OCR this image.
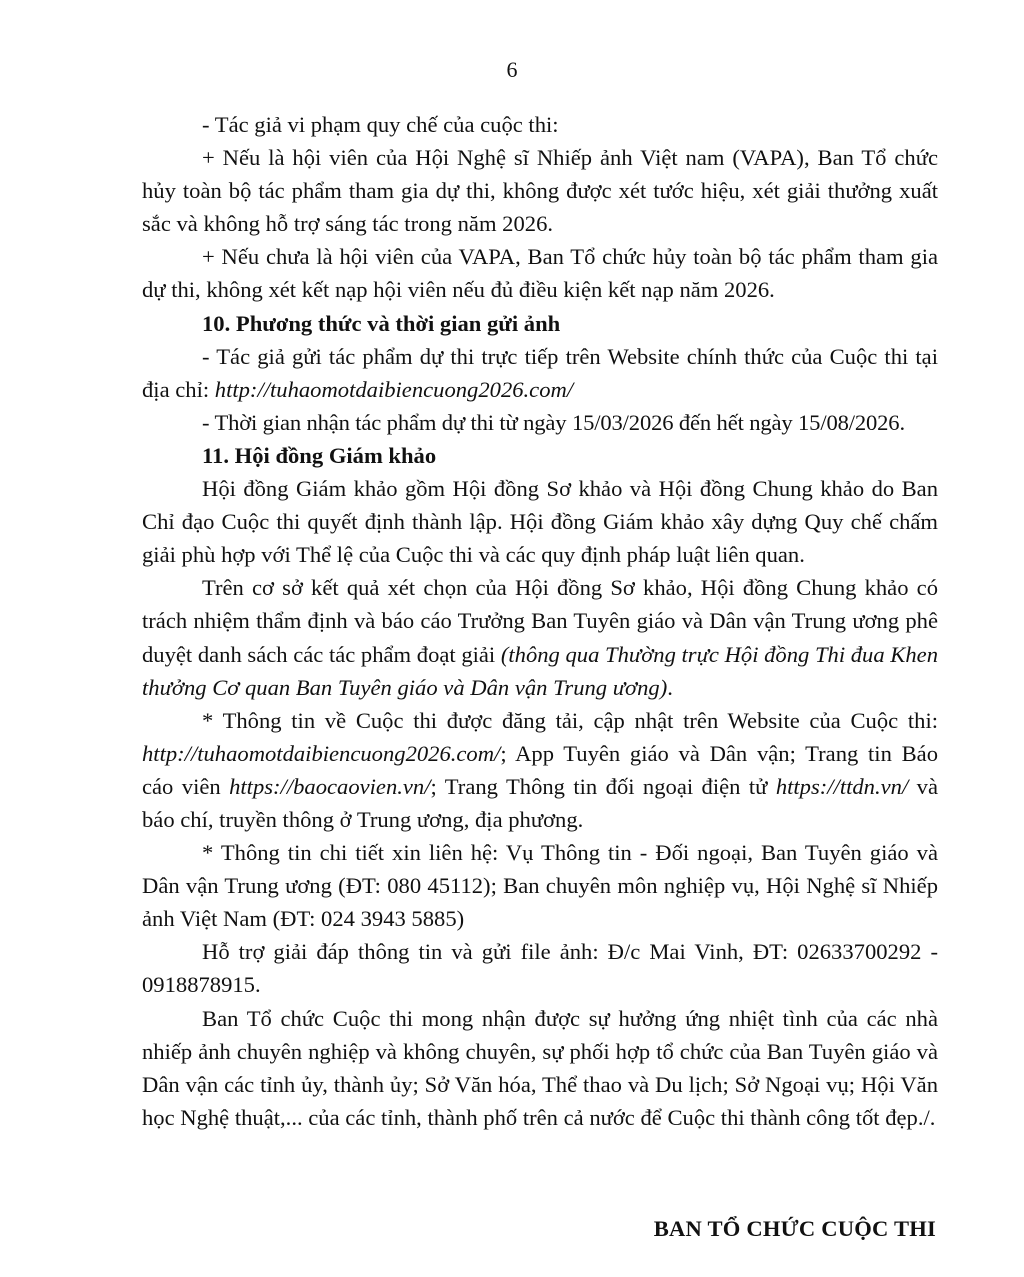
6

- Tác giả vi phạm quy chế của cuộc thi:

+ Nếu là hội viên của Hội Nghệ sĩ Nhiếp ảnh Việt nam (VAPA), Ban Tổ chức hủy toàn bộ tác phẩm tham gia dự thi, không được xét tước hiệu, xét giải thưởng xuất sắc và không hỗ trợ sáng tác trong năm 2026.

+ Nếu chưa là hội viên của VAPA, Ban Tổ chức hủy toàn bộ tác phẩm tham gia dự thi, không xét kết nạp hội viên nếu đủ điều kiện kết nạp năm 2026.

10. Phương thức và thời gian gửi ảnh

- Tác giả gửi tác phẩm dự thi trực tiếp trên Website chính thức của Cuộc thi tại địa chỉ: http://tuhaomotdaibiencuong2026.com/

- Thời gian nhận tác phẩm dự thi từ ngày 15/03/2026 đến hết ngày 15/08/2026.

11. Hội đồng Giám khảo

Hội đồng Giám khảo gồm Hội đồng Sơ khảo và Hội đồng Chung khảo do Ban Chỉ đạo Cuộc thi quyết định thành lập. Hội đồng Giám khảo xây dựng Quy chế chấm giải phù hợp với Thể lệ của Cuộc thi và các quy định pháp luật liên quan.

Trên cơ sở kết quả xét chọn của Hội đồng Sơ khảo, Hội đồng Chung khảo có trách nhiệm thẩm định và báo cáo Trưởng Ban Tuyên giáo và Dân vận Trung ương phê duyệt danh sách các tác phẩm đoạt giải (thông qua Thường trực Hội đồng Thi đua Khen thưởng Cơ quan Ban Tuyên giáo và Dân vận Trung ương).

* Thông tin về Cuộc thi được đăng tải, cập nhật trên Website của Cuộc thi: http://tuhaomotdaibiencuong2026.com/; App Tuyên giáo và Dân vận; Trang tin Báo cáo viên https://baocaovien.vn/; Trang Thông tin đối ngoại điện tử https://ttdn.vn/ và báo chí, truyền thông ở Trung ương, địa phương.

* Thông tin chi tiết xin liên hệ: Vụ Thông tin - Đối ngoại, Ban Tuyên giáo và Dân vận Trung ương (ĐT: 080 45112); Ban chuyên môn nghiệp vụ, Hội Nghệ sĩ Nhiếp ảnh Việt Nam (ĐT: 024 3943 5885)

Hỗ trợ giải đáp thông tin và gửi file ảnh: Đ/c Mai Vinh, ĐT: 02633700292 - 0918878915.

Ban Tổ chức Cuộc thi mong nhận được sự hưởng ứng nhiệt tình của các nhà nhiếp ảnh chuyên nghiệp và không chuyên, sự phối hợp tổ chức của Ban Tuyên giáo và Dân vận các tỉnh ủy, thành ủy; Sở Văn hóa, Thể thao và Du lịch; Sở Ngoại vụ; Hội Văn học Nghệ thuật,... của các tỉnh, thành phố trên cả nước để Cuộc thi thành công tốt đẹp./.

BAN TỔ CHỨC CUỘC THI
